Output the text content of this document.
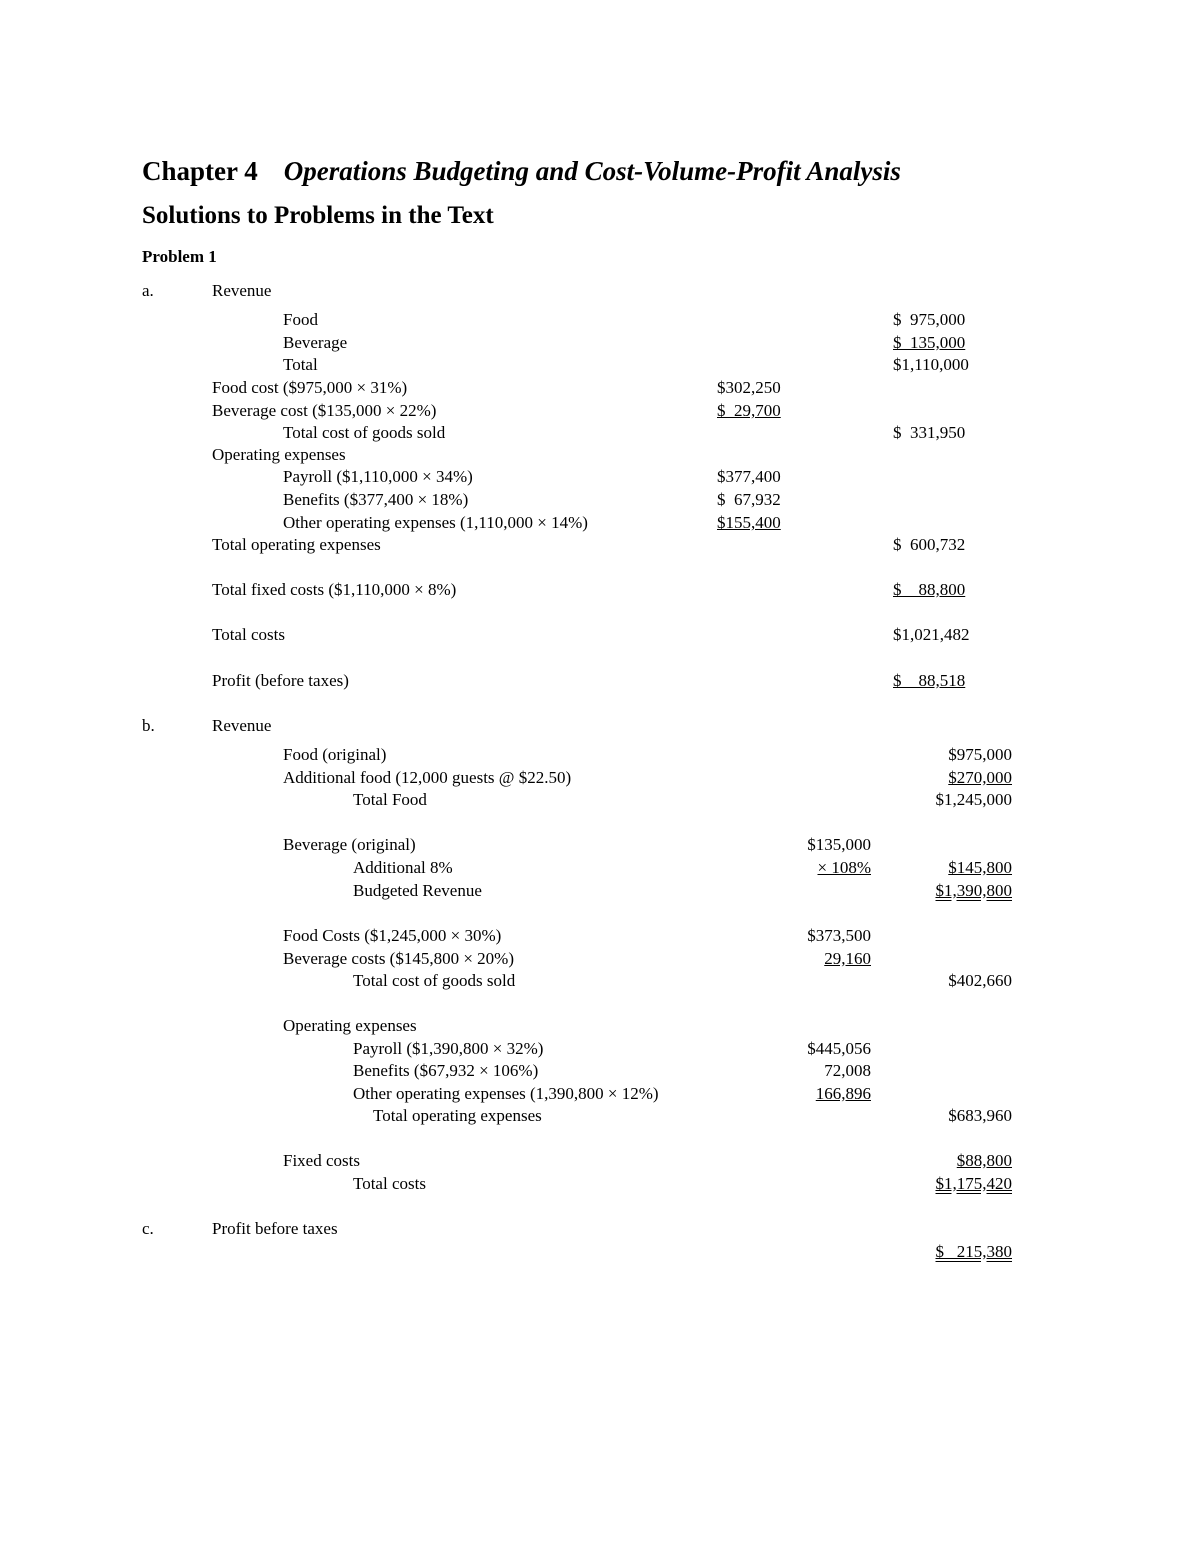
Chapter 4 Operations Budgeting and Cost-Volume-Profit Analysis
Solutions to Problems in the Text
Problem 1
a.	Revenue
Food	$  975,000
Beverage	$  135,000
Total	$1,110,000
Food cost ($975,000 × 31%)	$302,250
Beverage cost ($135,000 × 22%)	$  29,700
Total cost of goods sold	$  331,950
Operating expenses
Payroll ($1,110,000 × 34%)	$377,400
Benefits ($377,400 × 18%)	$  67,932
Other operating expenses (1,110,000 × 14%)	$155,400
Total operating expenses	$  600,732
Total fixed costs ($1,110,000 × 8%)	$    88,800
Total costs	$1,021,482
Profit (before taxes)	$    88,518
b.	Revenue
Food (original)	$975,000
Additional food (12,000 guests @ $22.50)	$270,000
Total Food	$1,245,000
Beverage (original)	$135,000
Additional 8%	× 108%	$145,800
Budgeted Revenue	$1,390,800
Food Costs ($1,245,000 × 30%)	$373,500
Beverage costs ($145,800 × 20%)	29,160
Total cost of goods sold	$402,660
Operating expenses
Payroll ($1,390,800 × 32%)	$445,056
Benefits ($67,932 × 106%)	72,008
Other operating expenses (1,390,800 × 12%)	166,896
Total operating expenses	$683,960
Fixed costs	$88,800
Total costs	$1,175,420
c.	Profit before taxes
$   215,380
